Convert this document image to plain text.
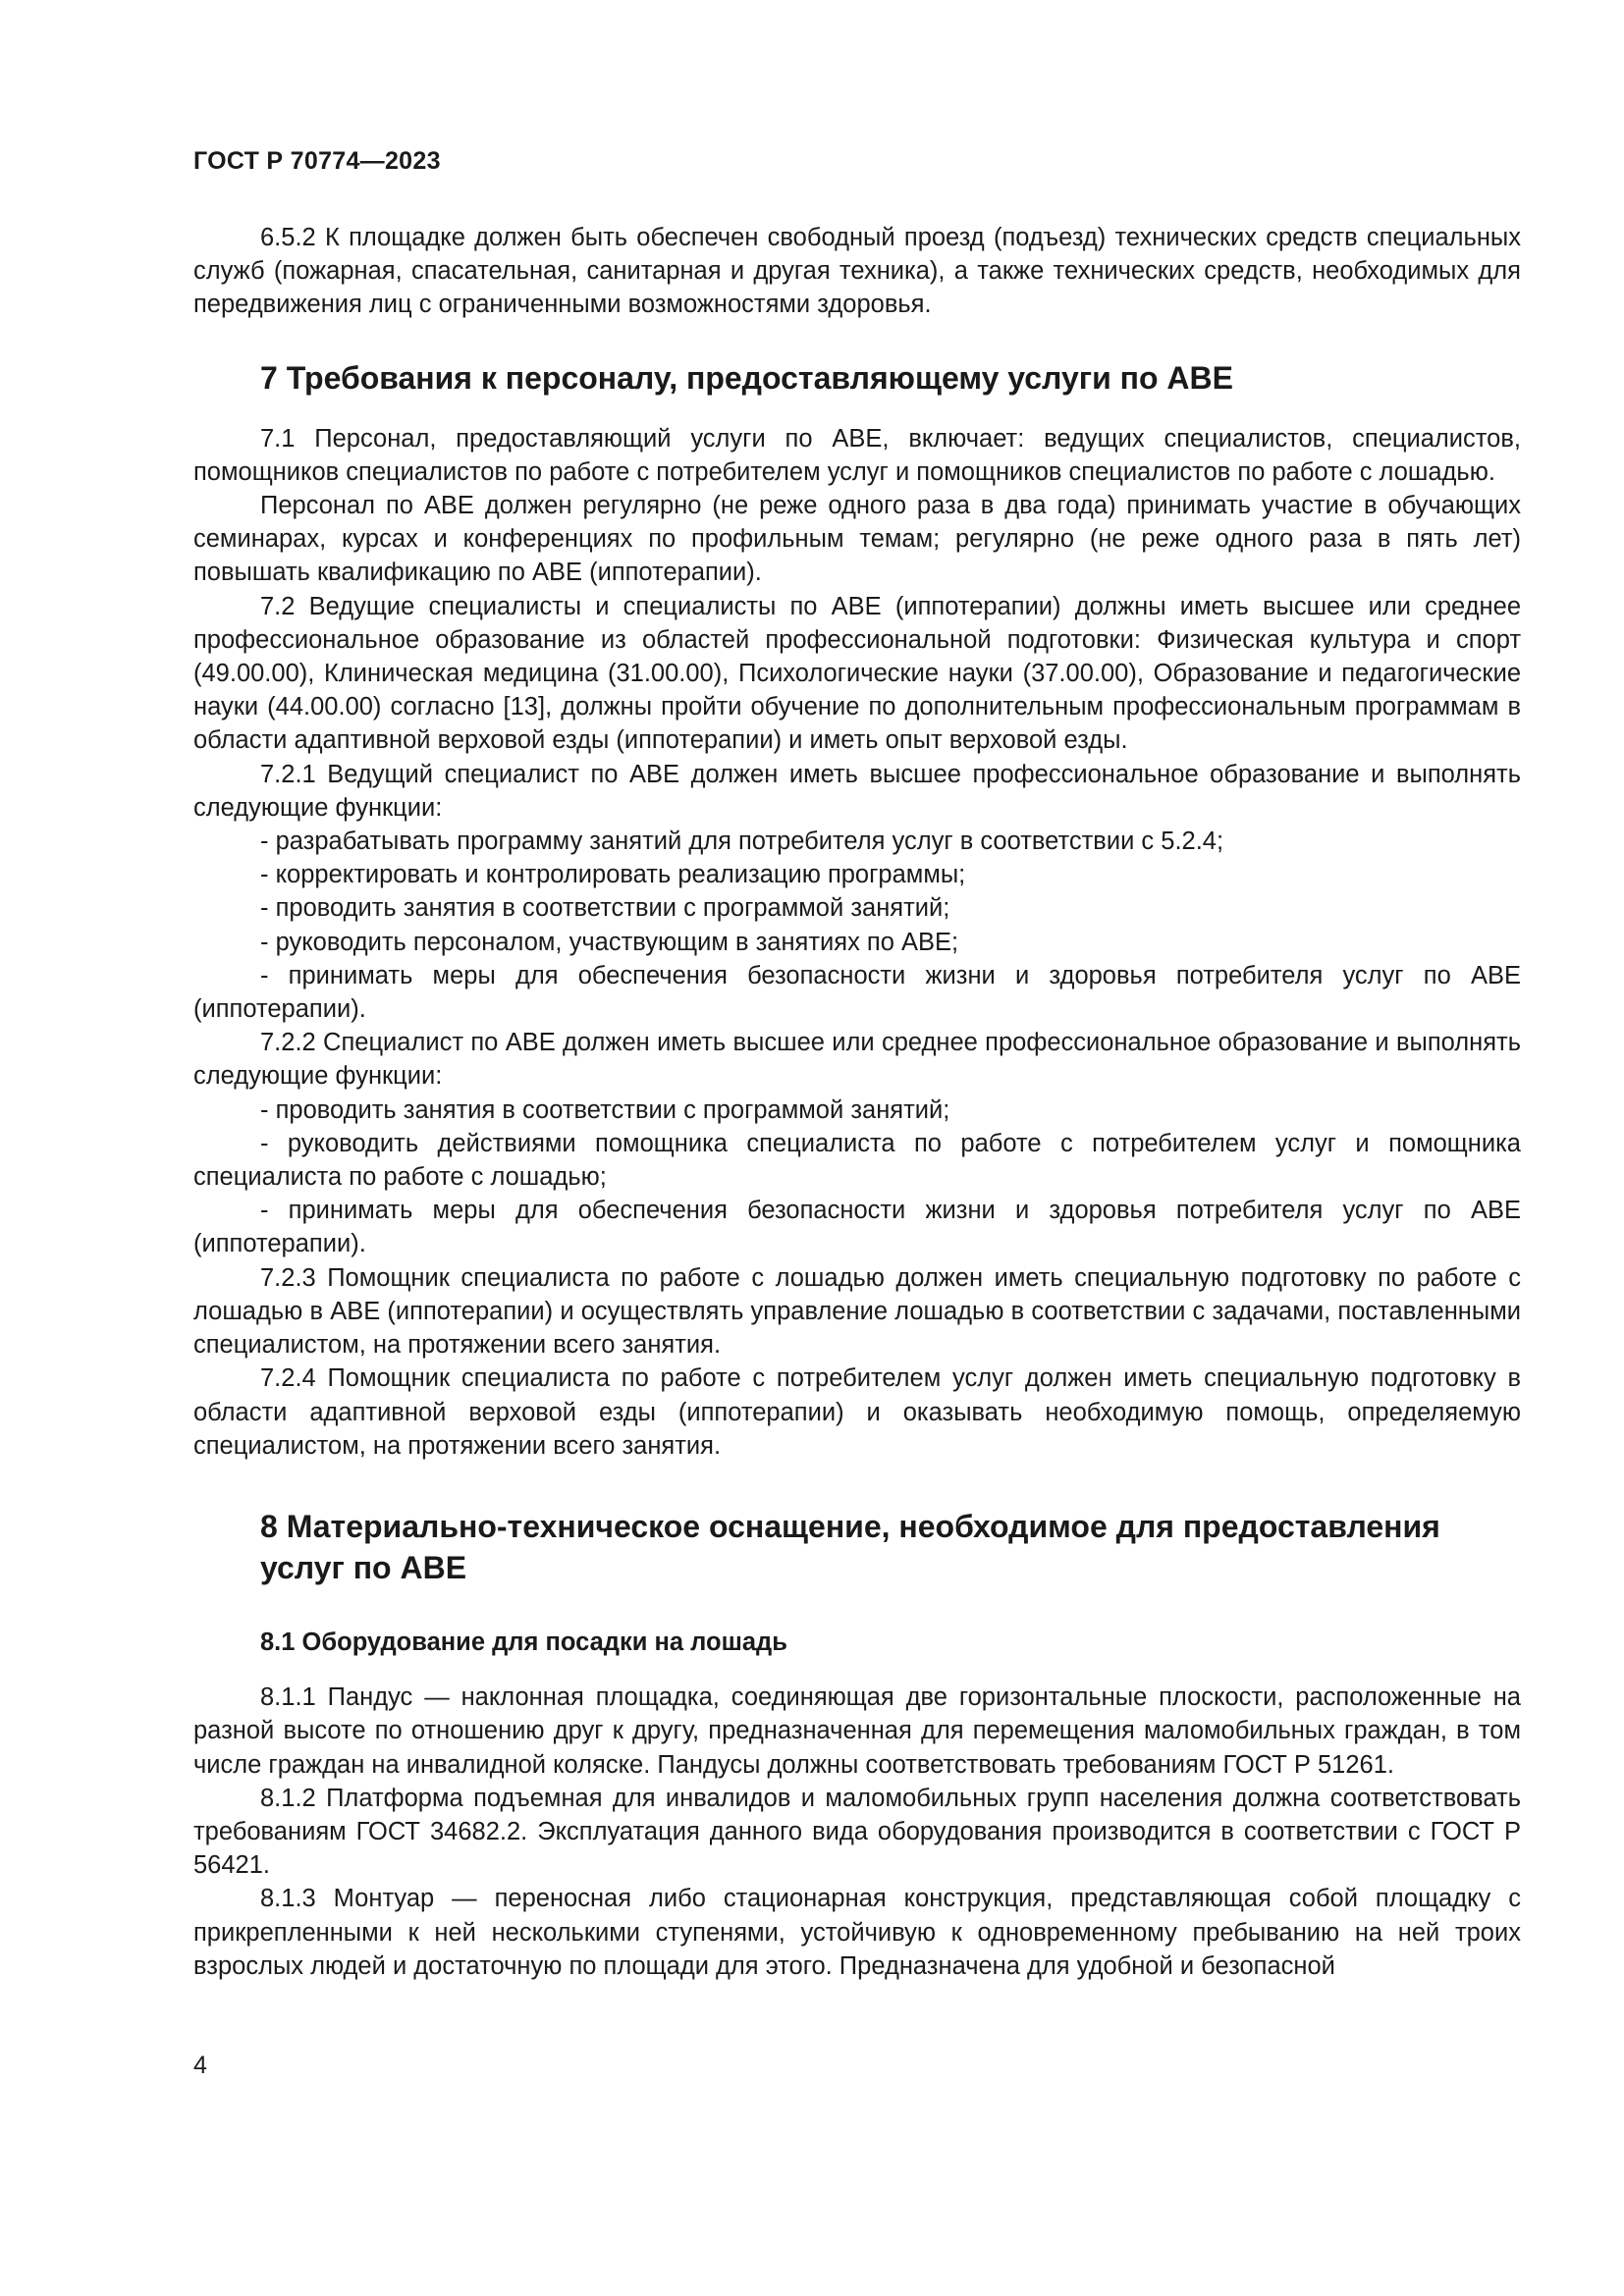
ГОСТ Р 70774—2023

6.5.2 К площадке должен быть обеспечен свободный проезд (подъезд) технических средств специальных служб (пожарная, спасательная, санитарная и другая техника), а также технических средств, необходимых для передвижения лиц с ограниченными возможностями здоровья.

7 Требования к персоналу, предоставляющему услуги по АВЕ

7.1 Персонал, предоставляющий услуги по АВЕ, включает: ведущих специалистов, специалистов, помощников специалистов по работе с потребителем услуг и помощников специалистов по работе с лошадью.

Персонал по АВЕ должен регулярно (не реже одного раза в два года) принимать участие в обучающих семинарах, курсах и конференциях по профильным темам; регулярно (не реже одного раза в пять лет) повышать квалификацию по АВЕ (иппотерапии).

7.2 Ведущие специалисты и специалисты по АВЕ (иппотерапии) должны иметь высшее или среднее профессиональное образование из областей профессиональной подготовки: Физическая культура и спорт (49.00.00), Клиническая медицина (31.00.00), Психологические науки (37.00.00), Образование и педагогические науки (44.00.00) согласно [13], должны пройти обучение по дополнительным профессиональным программам в области адаптивной верховой езды (иппотерапии) и иметь опыт верховой езды.

7.2.1 Ведущий специалист по АВЕ должен иметь высшее профессиональное образование и выполнять следующие функции:

- разрабатывать программу занятий для потребителя услуг в соответствии с 5.2.4;

- корректировать и контролировать реализацию программы;

- проводить занятия в соответствии с программой занятий;

- руководить персоналом, участвующим в занятиях по АВЕ;

- принимать меры для обеспечения безопасности жизни и здоровья потребителя услуг по АВЕ (иппотерапии).

7.2.2 Специалист по АВЕ должен иметь высшее или среднее профессиональное образование и выполнять следующие функции:

- проводить занятия в соответствии с программой занятий;

- руководить действиями помощника специалиста по работе с потребителем услуг и помощника специалиста по работе с лошадью;

- принимать меры для обеспечения безопасности жизни и здоровья потребителя услуг по АВЕ (иппотерапии).

7.2.3 Помощник специалиста по работе с лошадью должен иметь специальную подготовку по работе с лошадью в АВЕ (иппотерапии) и осуществлять управление лошадью в соответствии с задачами, поставленными специалистом, на протяжении всего занятия.

7.2.4 Помощник специалиста по работе с потребителем услуг должен иметь специальную подготовку в области адаптивной верховой езды (иппотерапии) и оказывать необходимую помощь, определяемую специалистом, на протяжении всего занятия.

8 Материально-техническое оснащение, необходимое для предоставления услуг по АВЕ
8.1 Оборудование для посадки на лошадь

8.1.1 Пандус — наклонная площадка, соединяющая две горизонтальные плоскости, расположенные на разной высоте по отношению друг к другу, предназначенная для перемещения маломобильных граждан, в том числе граждан на инвалидной коляске. Пандусы должны соответствовать требованиям ГОСТ Р 51261.

8.1.2 Платформа подъемная для инвалидов и маломобильных групп населения должна соответствовать требованиям ГОСТ 34682.2. Эксплуатация данного вида оборудования производится в соответствии с ГОСТ Р 56421.

8.1.3 Монтуар — переносная либо стационарная конструкция, представляющая собой площадку с прикрепленными к ней несколькими ступенями, устойчивую к одновременному пребыванию на ней троих взрослых людей и достаточную по площади для этого. Предназначена для удобной и безопасной

4
